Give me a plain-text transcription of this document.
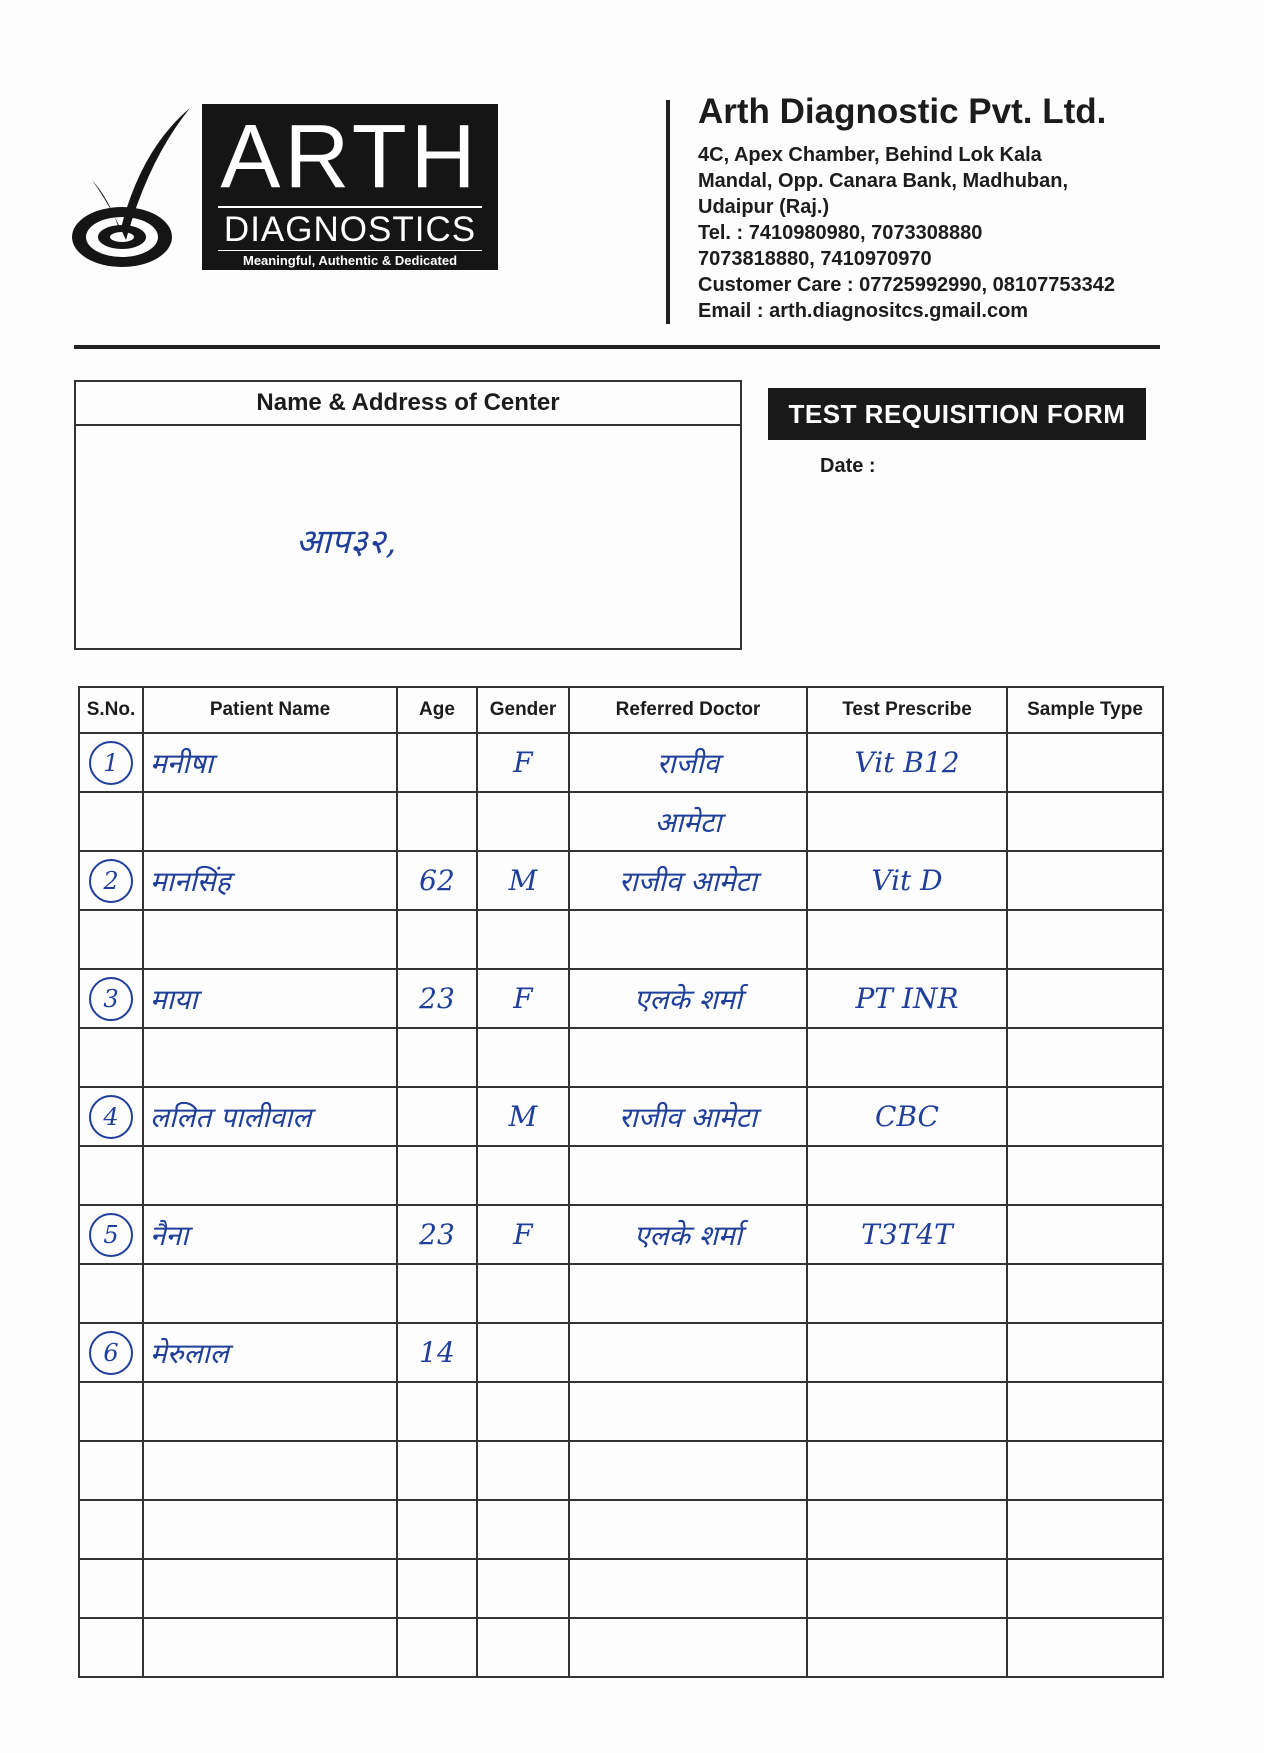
ARTH
DIAGNOSTICS
Meaningful, Authentic & Dedicated

Arth Diagnostic Pvt. Ltd.

4C, Apex Chamber, Behind Lok Kala

Mandal, Opp. Canara Bank, Madhuban,

Udaipur (Raj.)

Tel. : 7410980980, 7073308880

7073818880, 7410970970

Customer Care : 07725992990, 08107753342

Email : arth.diagnositcs.gmail.com

Name & Address of Center
आप३२,
TEST REQUISITION FORM
Date :
S.No.	Patient Name	Age	Gender	Referred Doctor	Test Prescribe	Sample Type
1	मनीषा		F	राजीव	Vit B12	
				आमेटा		
2	मानसिंह	62	M	राजीव आमेटा	Vit D	

3	माया	23	F	एलके शर्मा	PT INR	

4	ललित पालीवाल		M	राजीव आमेटा	CBC	

5	नैना	23	F	एलके शर्मा	T3T4T	

6	मेरुलाल	14				
